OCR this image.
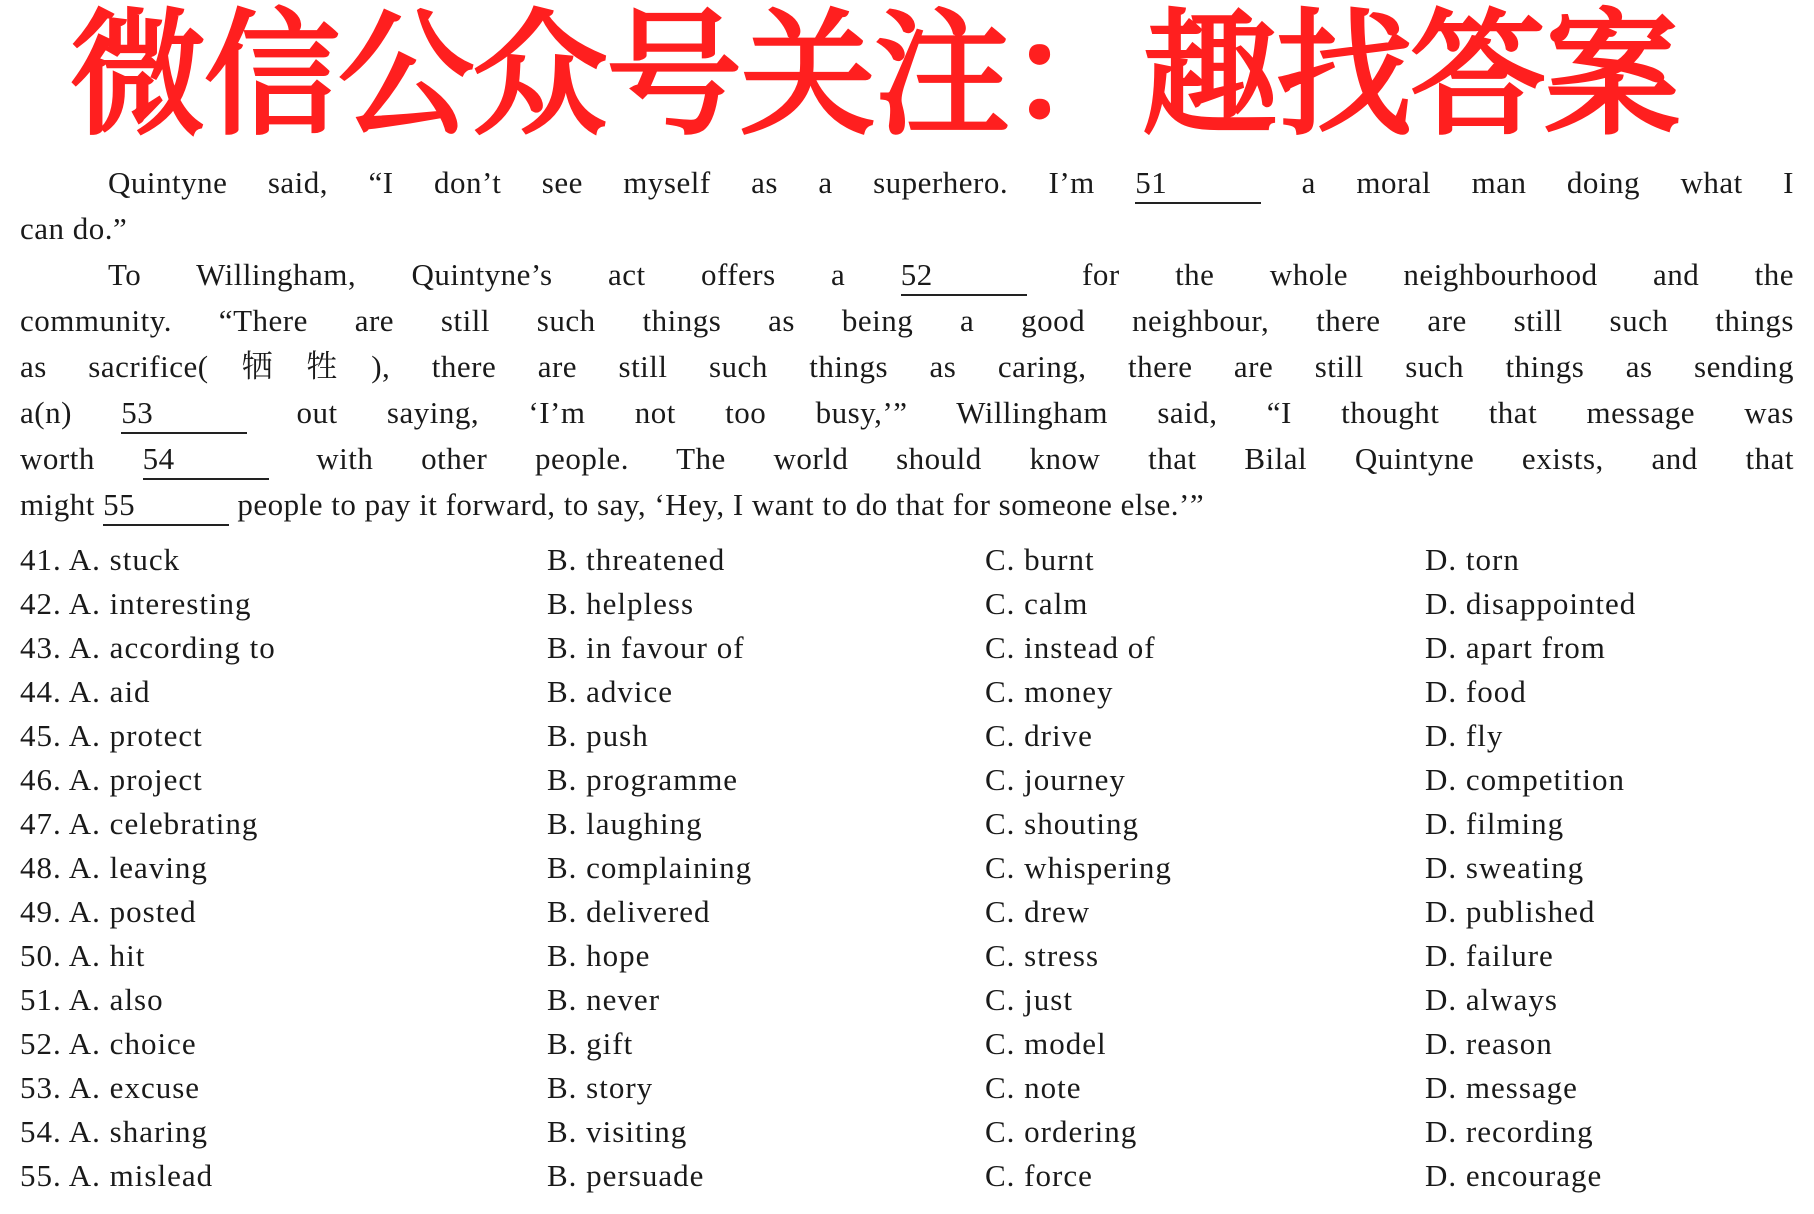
微信公众号关注：趣找答案
Quintyne said, “I don’t see myself as a superhero. I’m 51	a moral man doing what I
can do.”
To Willingham, Quintyne’s act offers a 52	for the whole neighbourhood and the
community. “There are still such things as being a good neighbour, there are still such things
as sacrifice(牺牲), there are still such things as caring, there are still such things as sending
a(n) 53	out saying, ‘I’m not too busy,’” Willingham said, “I thought that message was
worth 54	with other people. The world should know that Bilal Quintyne exists, and that
might 55	people to pay it forward, to say, ‘Hey, I want to do that for someone else.’”
41. A. stuck	B. threatened	C. burnt	D. torn
42. A. interesting	B. helpless	C. calm	D. disappointed
43. A. according to	B. in favour of	C. instead of	D. apart from
44. A. aid	B. advice	C. money	D. food
45. A. protect	B. push	C. drive	D. fly
46. A. project	B. programme	C. journey	D. competition
47. A. celebrating	B. laughing	C. shouting	D. filming
48. A. leaving	B. complaining	C. whispering	D. sweating
49. A. posted	B. delivered	C. drew	D. published
50. A. hit	B. hope	C. stress	D. failure
51. A. also	B. never	C. just	D. always
52. A. choice	B. gift	C. model	D. reason
53. A. excuse	B. story	C. note	D. message
54. A. sharing	B. visiting	C. ordering	D. recording
55. A. mislead	B. persuade	C. force	D. encourage
